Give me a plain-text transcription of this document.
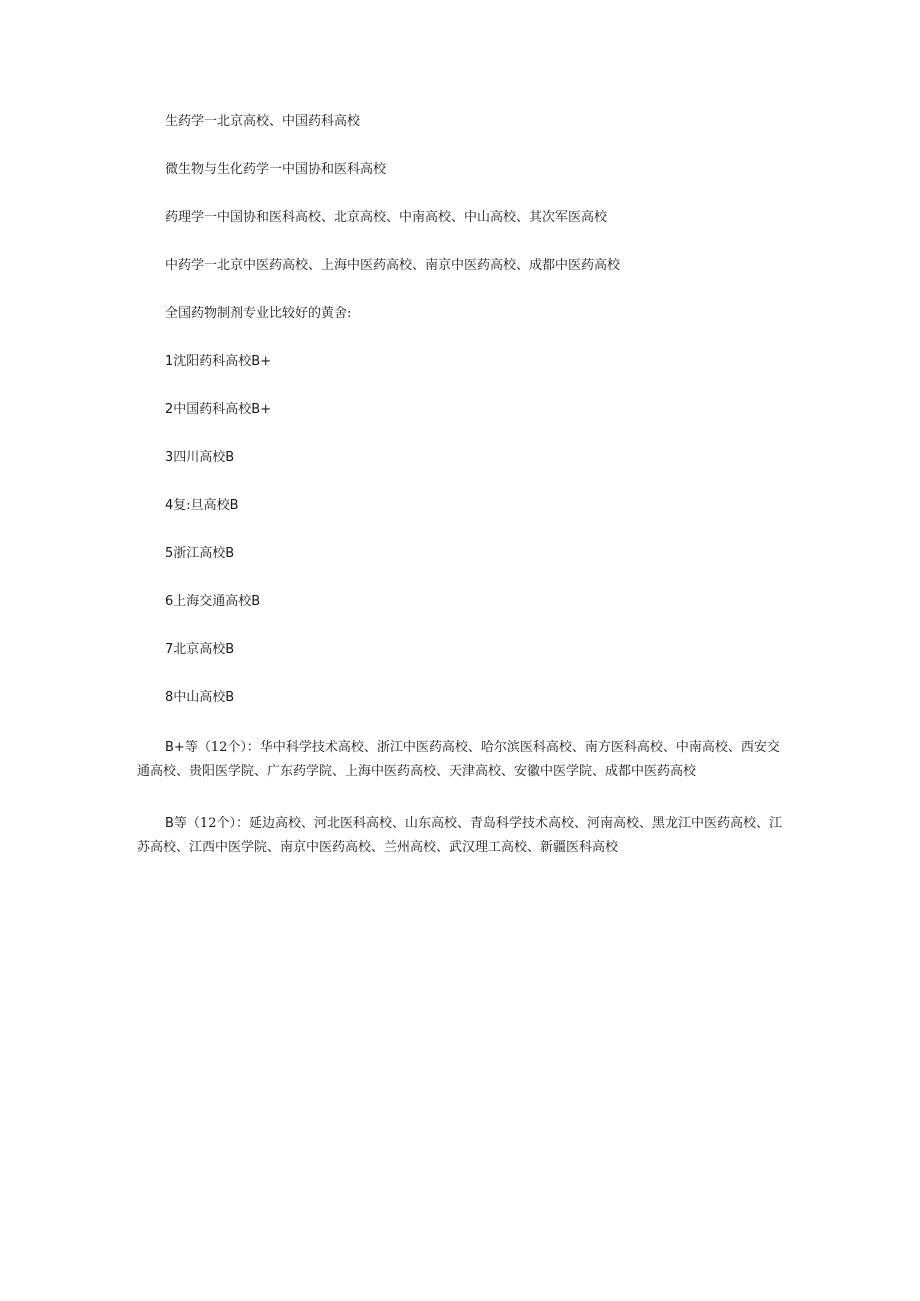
生药学一北京高校、中国药科高校

微生物与生化药学一中国协和医科高校

药理学一中国协和医科高校、北京高校、中南高校、中山高校、其次军医高校

中药学一北京中医药高校、上海中医药高校、南京中医药高校、成都中医药高校

全国药物制剂专业比较好的黄舍:

1沈阳药科高校B+

2中国药科高校B+

3四川高校B

4复:旦高校B

5浙江高校B

6上海交通高校B

7北京高校B

8中山高校B

B+等（12个）：华中科学技术高校、浙江中医药高校、哈尔滨医科高校、南方医科高校、中南高校、西安交通高校、贵阳医学院、广东药学院、上海中医药高校、天津高校、安徽中医学院、成都中医药高校

B等（12个）：延边高校、河北医科高校、山东高校、青岛科学技术高校、河南高校、黑龙江中医药高校、江苏高校、江西中医学院、南京中医药高校、兰州高校、武汉理工高校、新疆医科高校
